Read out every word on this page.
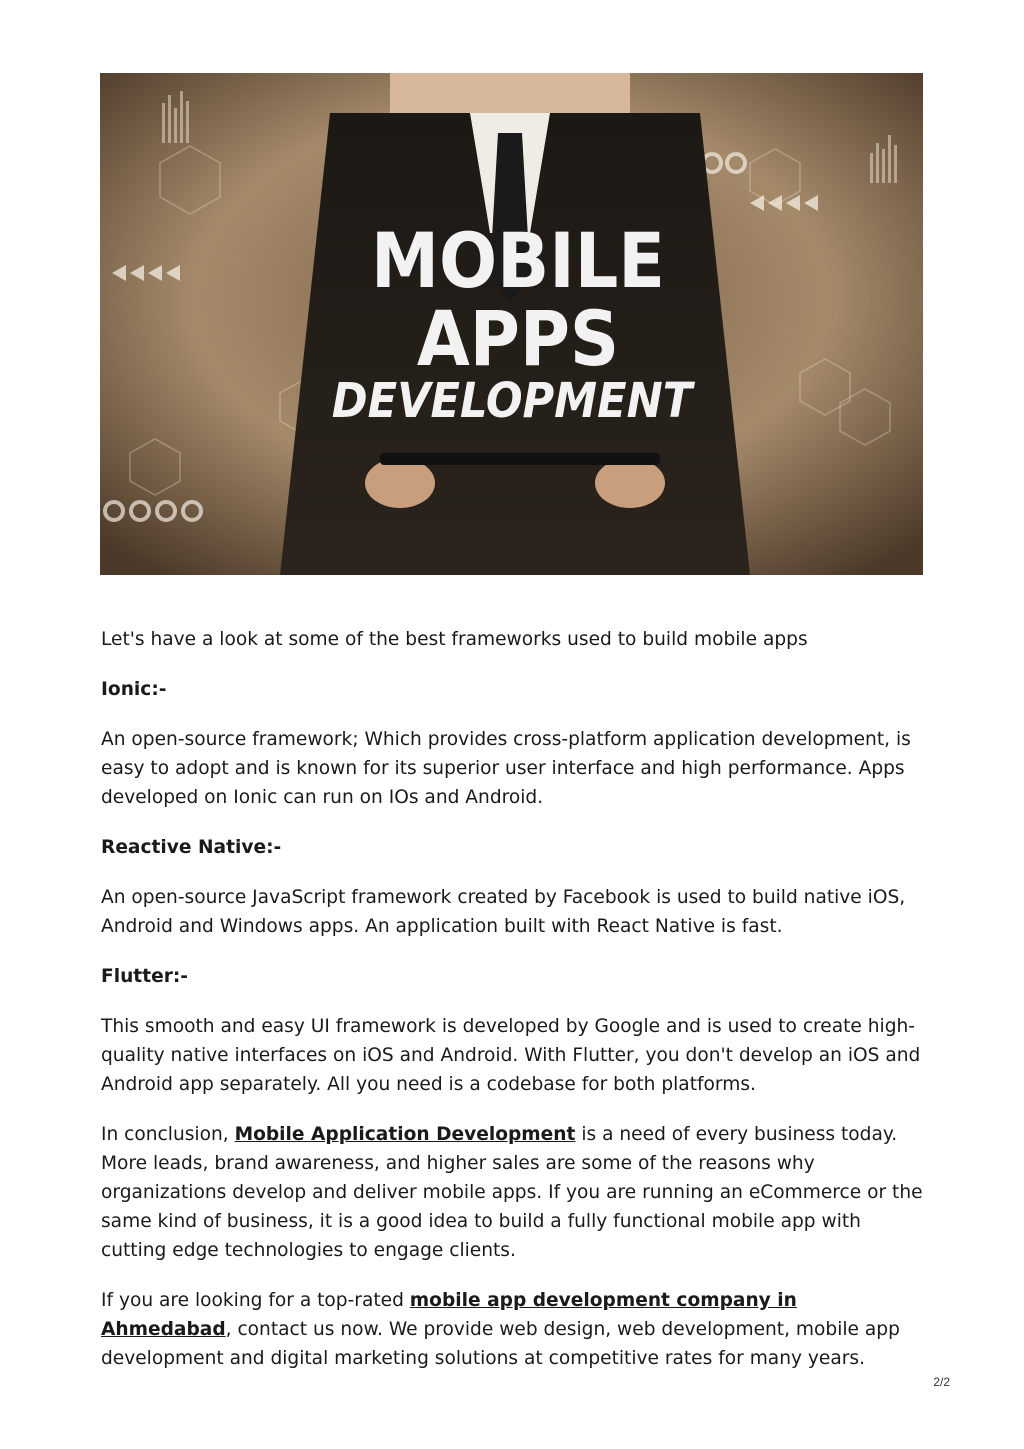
MOBILE
APPS
DEVELOPMENT

Let's have a look at some of the best frameworks used to build mobile apps

Ionic:-

An open-source framework; Which provides cross-platform application development, is easy to adopt and is known for its superior user interface and high performance. Apps developed on Ionic can run on IOs and Android.

Reactive Native:-

An open-source JavaScript framework created by Facebook is used to build native iOS, Android and Windows apps. An application built with React Native is fast.

Flutter:-

This smooth and easy UI framework is developed by Google and is used to create high-quality native interfaces on iOS and Android. With Flutter, you don't develop an iOS and Android app separately. All you need is a codebase for both platforms.

In conclusion, Mobile Application Development is a need of every business today. More leads, brand awareness, and higher sales are some of the reasons why organizations develop and deliver mobile apps. If you are running an eCommerce or the same kind of business, it is a good idea to build a fully functional mobile app with cutting edge technologies to engage clients.

If you are looking for a top-rated mobile app development company in Ahmedabad, contact us now. We provide web design, web development, mobile app development and digital marketing solutions at competitive rates for many years.

2/2
